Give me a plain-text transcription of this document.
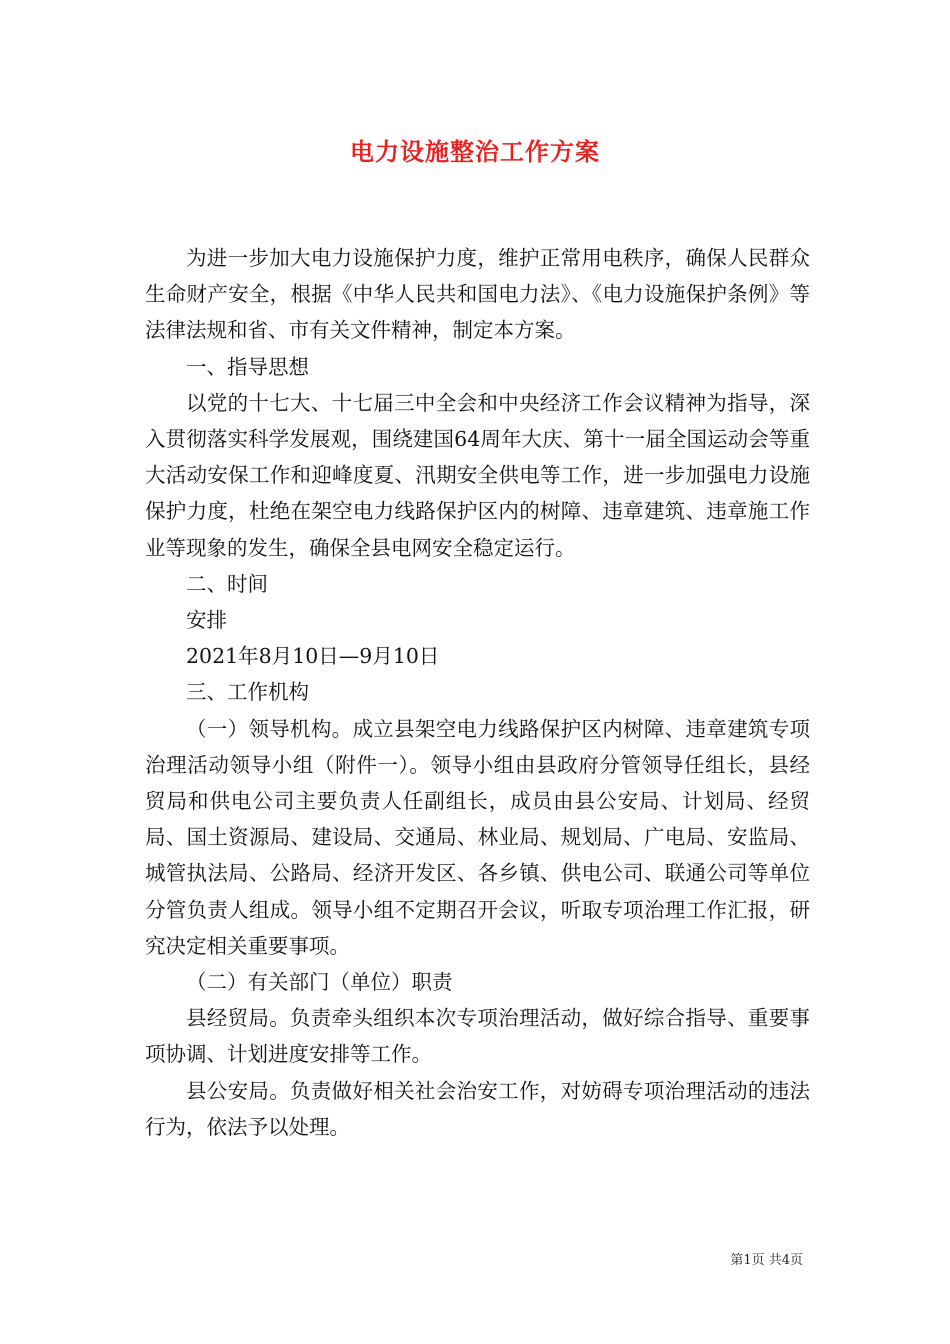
电力设施整治工作方案

为进一步加大电力设施保护力度，维护正常用电秩序，确保人民群众生命财产安全，根据《中华人民共和国电力法》、《电力设施保护条例》等法律法规和省、市有关文件精神，制定本方案。

一、指导思想

以党的十七大、十七届三中全会和中央经济工作会议精神为指导，深入贯彻落实科学发展观，围绕建国64周年大庆、第十一届全国运动会等重大活动安保工作和迎峰度夏、汛期安全供电等工作，进一步加强电力设施保护力度，杜绝在架空电力线路保护区内的树障、违章建筑、违章施工作业等现象的发生，确保全县电网安全稳定运行。

二、时间

安排

2021年8月10日—9月10日

三、工作机构

（一）领导机构。成立县架空电力线路保护区内树障、违章建筑专项治理活动领导小组（附件一）。领导小组由县政府分管领导任组长，县经贸局和供电公司主要负责人任副组长，成员由县公安局、计划局、经贸局、国土资源局、建设局、交通局、林业局、规划局、广电局、安监局、城管执法局、公路局、经济开发区、各乡镇、供电公司、联通公司等单位分管负责人组成。领导小组不定期召开会议，听取专项治理工作汇报，研究决定相关重要事项。

（二）有关部门（单位）职责

县经贸局。负责牵头组织本次专项治理活动，做好综合指导、重要事项协调、计划进度安排等工作。

县公安局。负责做好相关社会治安工作，对妨碍专项治理活动的违法行为，依法予以处理。

第1页 共4页
